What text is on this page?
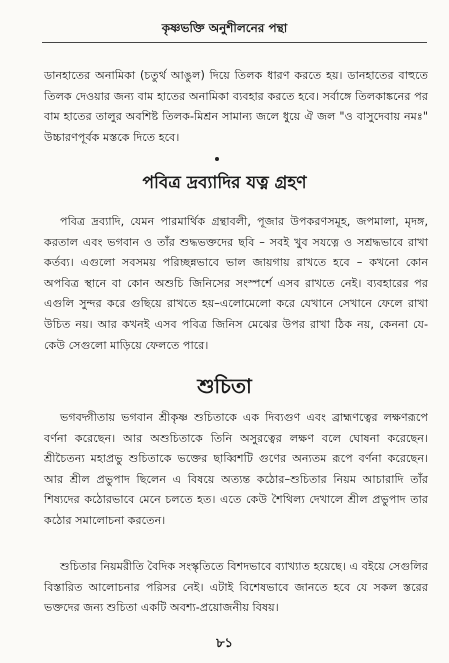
কৃষ্ণভক্তি অনুশীলনের পন্থা

ডানহাতের অনামিকা (চতুর্থ আঙুল) দিয়ে তিলক ধারণ করতে হয়। ডানহাতের বাহুতে তিলক দেওয়ার জন্য বাম হাতের অনামিকা ব্যবহার করতে হবে। সর্বাঙ্গে তিলকাঙ্কনের পর বাম হাতের তালুর অবশিষ্ট তিলক-মিশ্রন সামান্য জলে ধুয়ে ঐ জল "ও বাসুদেবায় নমঃ" উচ্চারণপূর্বক মস্তকে দিতে হবে।

পবিত্র দ্রব্যাদির যত্ন গ্রহণ

পবিত্র দ্রব্যাদি, যেমন পারমার্থিক গ্রন্থাবলী, পূজার উপকরণসমূহ, জপমালা, মৃদঙ্গ, করতাল এবং ভগবান ও তাঁর শুদ্ধভক্তদের ছবি – সবই খুব সযত্নে ও সশ্রদ্ধভাবে রাখা কর্তব্য। এগুলো সবসময় পরিচ্ছন্নভাবে ভাল জায়গায় রাখতে হবে – কখনো কোন অপবিত্র স্থানে বা কোন অশুচি জিনিসের সংস্পর্শে এসব রাখতে নেই। ব্যবহারের পর এগুলি সুন্দর করে গুছিয়ে রাখতে হয়–এলোমেলো করে যেখানে সেখানে ফেলে রাখা উচিত নয়। আর কখনই এসব পবিত্র জিনিস মেঝের উপর রাখা ঠিক নয়, কেননা যে-কেউ সেগুলো মাড়িয়ে ফেলতে পারে।

শুচিতা

ভগবদ্গীতায় ভগবান শ্রীকৃষ্ণ শুচিতাকে এক দিব্যগুণ এবং ব্রাহ্মণত্বের লক্ষণরূপে বর্ণনা করেছেন। আর অশুচিতাকে তিনি অসুরত্বের লক্ষণ বলে ঘোষনা করেছেন। শ্রীচৈতন্য মহাপ্রভু শুচিতাকে ভক্তের ছাব্বিশটি গুণের অন্যতম রূপে বর্ণনা করেছেন। আর শ্রীল প্রভুপাদ ছিলেন এ বিষয়ে অত্যন্ত কঠোর–শুচিতার নিয়ম আচারাদি তাঁর শিষ্যদের কঠোরভাবে মেনে চলতে হত। এতে কেউ শৈথিল্য দেখালে শ্রীল প্রভুপাদ তার কঠোর সমালোচনা করতেন।

শুচিতার নিয়মরীতি বৈদিক সংস্কৃতিতে বিশদভাবে ব্যাখ্যাত হয়েছে। এ বইয়ে সেগুলির বিস্তারিত আলোচনার পরিসর নেই। এটাই বিশেষভাবে জানতে হবে যে সকল স্তরের ভক্তদের জন্য শুচিতা একটি অবশ্য-প্রয়োজনীয় বিষয়।

৮১
